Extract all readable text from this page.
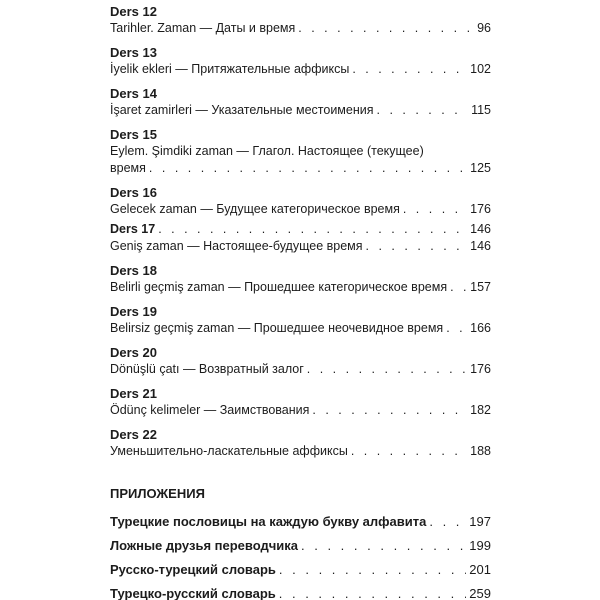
Ders 12
Tarihler. Zaman — Даты и время . . .	96
Ders 13
İyelik ekleri — Притяжательные аффиксы . . .	102
Ders 14
İşaret zamirleri — Указательные местоимения . . .	115
Ders 15
Eylem. Şimdiki zaman — Глагол. Настоящее (текущее)
время . . .	125
Ders 16
Gelecek zaman — Будущее категорическое время . . .	176
Ders 17 . . .	146
Geniş zaman — Настоящее-будущее время . . .	146
Ders 18
Belirli geçmiş zaman — Прошедшее категорическое время . . . 157
Ders 19
Belirsiz geçmiş zaman — Прошедшее неочевидное время . . . 166
Ders 20
Dönüşlü çatı — Возвратный залог . . .	176
Ders 21
Ödünç kelimeler — Заимствования . . .	182
Ders 22
Уменьшительно-ласкательные аффиксы . . .	188
ПРИЛОЖЕНИЯ
Турецкие пословицы на каждую букву алфавита . . .	197
Ложные друзья переводчика . . .	199
Русско-турецкий словарь . . .	201
Турецко-русский словарь . . .	259
